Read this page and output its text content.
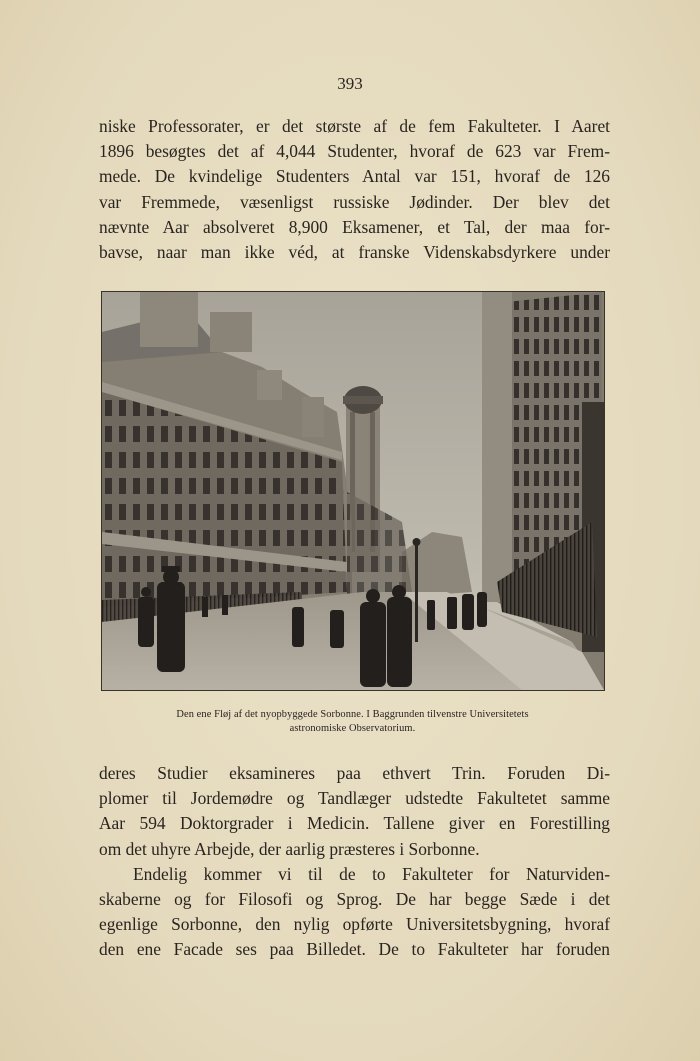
393

niske Professorater, er det største af de fem Fakulteter. I Aaret
1896 besøgtes det af 4,044 Studenter, hvoraf de 623 var Frem-
mede. De kvindelige Studenters Antal var 151, hvoraf de 126
var Fremmede, væsenligst russiske Jødinder. Der blev det
nævnte Aar absolveret 8,900 Eksamener, et Tal, der maa for-
bavse, naar man ikke véd, at franske Videnskabsdyrkere under

Den ene Fløj af det nyopbyggede Sorbonne. I Baggrunden tilvenstre Universitetets
astronomiske Observatorium.
deres Studier eksamineres paa ethvert Trin. Foruden Di-
plomer til Jordemødre og Tandlæger udstedte Fakultetet samme
Aar 594 Doktorgrader i Medicin. Tallene giver en Forestilling
om det uhyre Arbejde, der aarlig præsteres i Sorbonne.
Endelig kommer vi til de to Fakulteter for Naturviden-
skaberne og for Filosofi og Sprog. De har begge Sæde i det
egenlige Sorbonne, den nylig opførte Universitetsbygning, hvoraf
den ene Facade ses paa Billedet. De to Fakulteter har foruden
